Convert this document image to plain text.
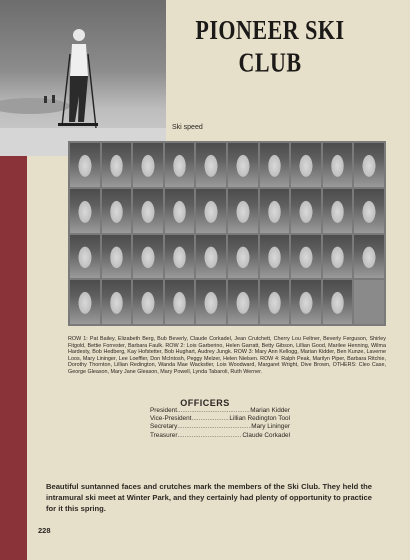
PIONEER SKI CLUB
Ski speed
ROW 1: Pat Bailey, Elizabeth Berg, Bub Beverly, Claude Corkadel, Jean Crutchett, Cherry Lou Feltner, Beverly Ferguson, Shirley Fitgold, Bettie Forrester, Barbara Faulk. ROW 2: Lois Garberino, Helen Garratt, Betty Gibson, Lillian Good, Marilee Henning, Wilma Hardesty, Bob Hedberg, Kay Hofstetter, Bob Hughart, Audrey Jungk. ROW 3: Mary Ann Kellogg, Marian Kidder, Ben Kunze, Laverne Loos, Mary Lininger, Lee Loeffler, Don McIntosh, Peggy Melzer, Helen Nielsen. ROW 4: Ralph Peak, Marilyn Piper, Barbara Ritchie, Dorothy Thornton, Lillian Redington, Wanda Mae Wackstler, Lois Woodward, Margaret Wright, Dive Brown, OTHERS: Cleo Case, George Gleason, Mary Jane Gleason, Mary Powell, Lynda Tabaroli, Ruth Werner.
OFFICERS
President .....	Marian Kidder
Vice-President .....	Lillian Redington Tool
Secretary .....	Mary Lininger
Treasurer .....	Claude Corkadel
Beautiful suntanned faces and crutches mark the members of the Ski Club. They held the intramural ski meet at Winter Park, and they certainly had plenty of opportunity to practice for it this spring.
228
